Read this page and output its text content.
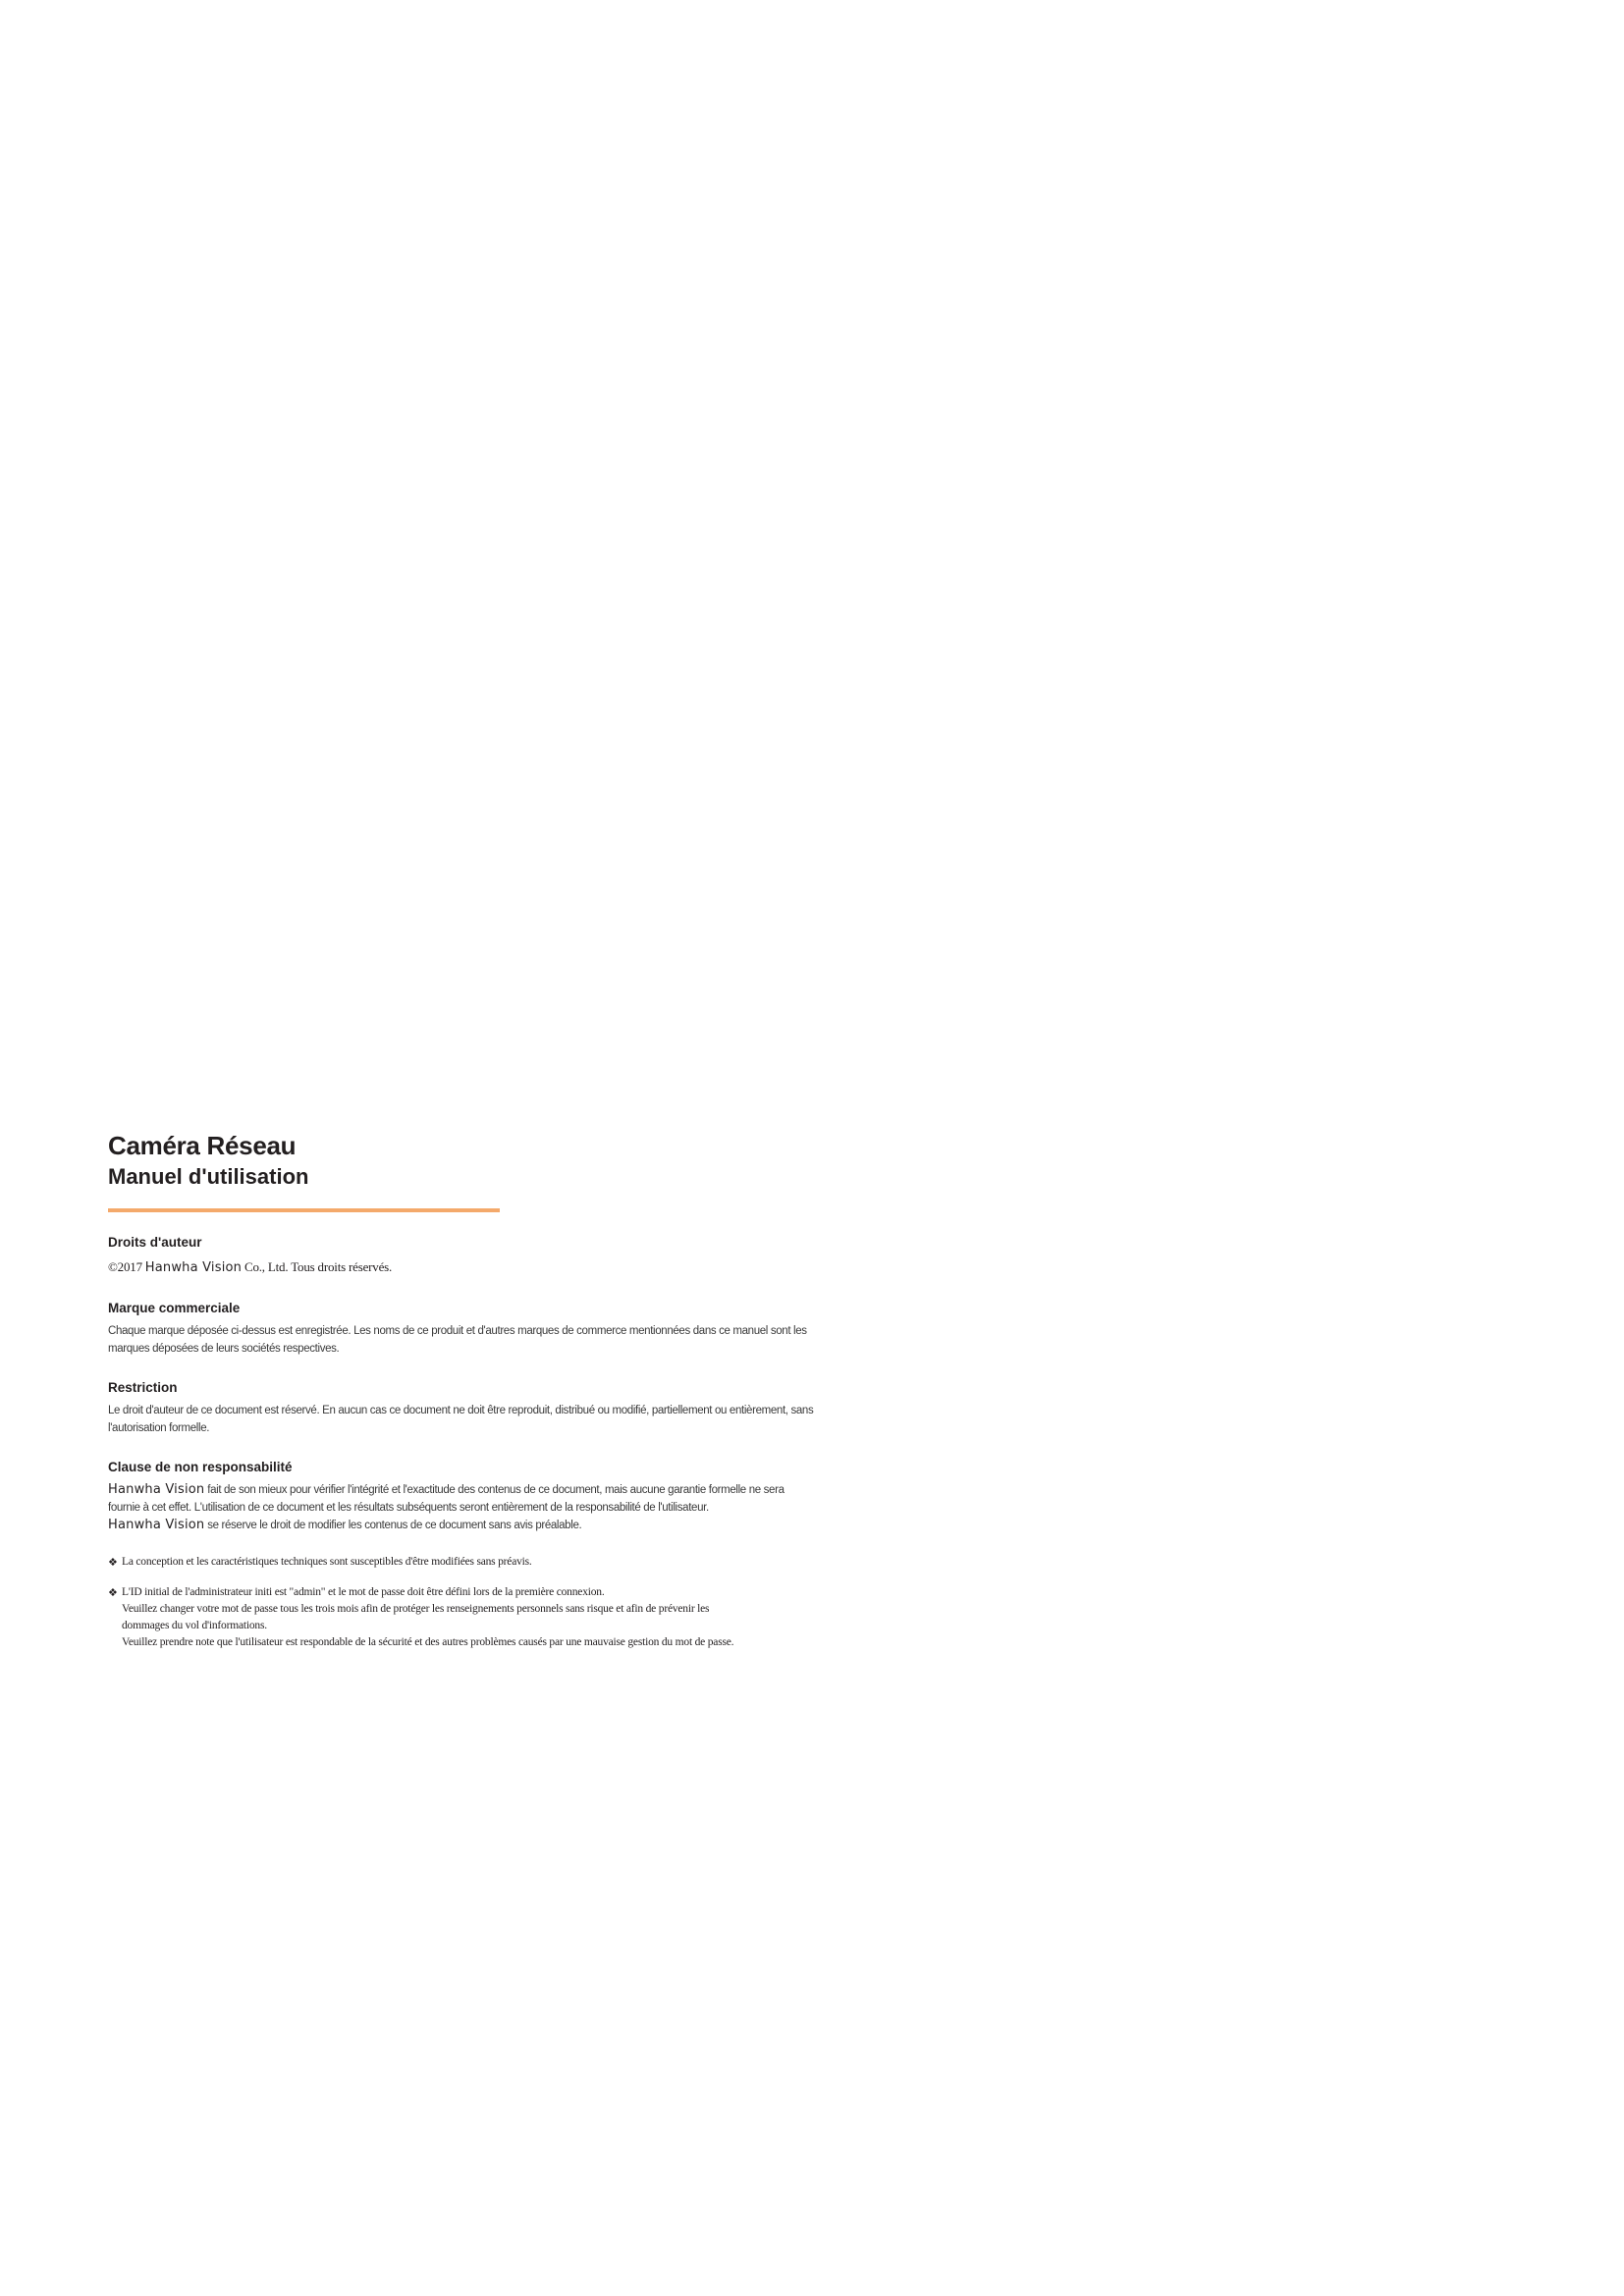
Caméra Réseau
Manuel d'utilisation

Droits d'auteur

©2017 Hanwha Vision Co., Ltd. Tous droits réservés.

Marque commerciale

Chaque marque déposée ci-dessus est enregistrée. Les noms de ce produit et d'autres marques de commerce mentionnées dans ce manuel sont les
marques déposées de leurs sociétés respectives.

Restriction

Le droit d'auteur de ce document est réservé. En aucun cas ce document ne doit être reproduit, distribué ou modifié, partiellement ou entièrement, sans
l'autorisation formelle.

Clause de non responsabilité

Hanwha Vision fait de son mieux pour vérifier l'intégrité et l'exactitude des contenus de ce document, mais aucune garantie formelle ne sera
fournie à cet effet. L'utilisation de ce document et les résultats subséquents seront entièrement de la responsabilité de l'utilisateur.
Hanwha Vision se réserve le droit de modifier les contenus de ce document sans avis préalable.

❖ La conception et les caractéristiques techniques sont susceptibles d'être modifiées sans préavis.
❖ L'ID initial de l'administrateur initi est "admin" et le mot de passe doit être défini lors de la première connexion.
Veuillez changer votre mot de passe tous les trois mois afin de protéger les renseignements personnels sans risque et afin de prévenir les
dommages du vol d'informations.
Veuillez prendre note que l'utilisateur est respondable de la sécurité et des autres problèmes causés par une mauvaise gestion du mot de passe.
